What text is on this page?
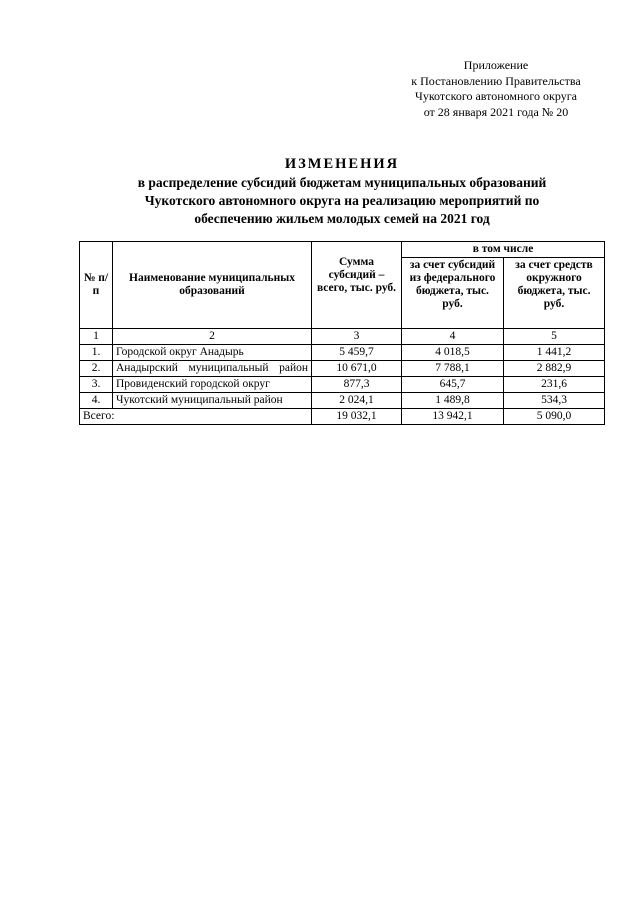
Приложение
к Постановлению Правительства
Чукотского автономного округа
от 28 января 2021 года № 20
ИЗМЕНЕНИЯ
в распределение субсидий бюджетам муниципальных образований
Чукотского автономного округа на реализацию мероприятий по
обеспечению жильем молодых семей на 2021 год
№ п/п	Наименование муниципальных образований	Сумма субсидий – всего, тыс. руб.	в том числе	
			за счет субсидий из федерального бюджета, тыс. руб.	за счет средств окружного бюджета, тыс. руб.
1	2	3	4	5
1.	Городской округ Анадырь	5 459,7	4 018,5	1 441,2
2.	Анадырский муниципальный район	10 671,0	7 788,1	2 882,9
3.	Провиденский городской округ	877,3	645,7	231,6
4.	Чукотский муниципальный район	2 024,1	1 489,8	534,3
Всего:		19 032,1	13 942,1	5 090,0
